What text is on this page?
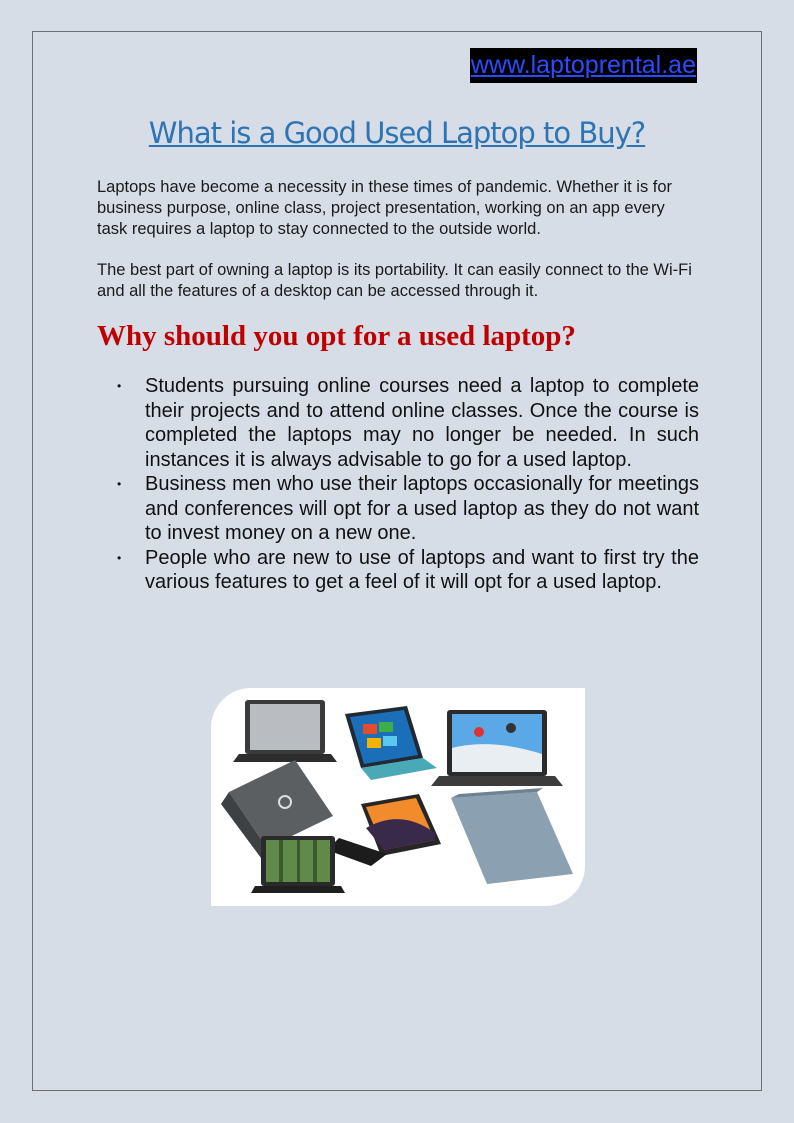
www.laptoprental.ae
What is a Good Used Laptop to Buy?

Laptops have become a necessity in these times of pandemic. Whether it is for business purpose, online class, project presentation, working on an app every task requires a laptop to stay connected to the outside world.

The best part of owning a laptop is its portability. It can easily connect to the Wi-Fi and all the features of a desktop can be accessed through it.

Why should you opt for a used laptop?
• Students pursuing online courses need a laptop to complete their projects and to attend online classes. Once the course is completed the laptops may no longer be needed. In such instances it is always advisable to go for a used laptop.
• Business men who use their laptops occasionally for meetings and conferences will opt for a used laptop as they do not want to invest money on a new one.
• People who are new to use of laptops and want to first try the various features to get a feel of it will opt for a used laptop.
